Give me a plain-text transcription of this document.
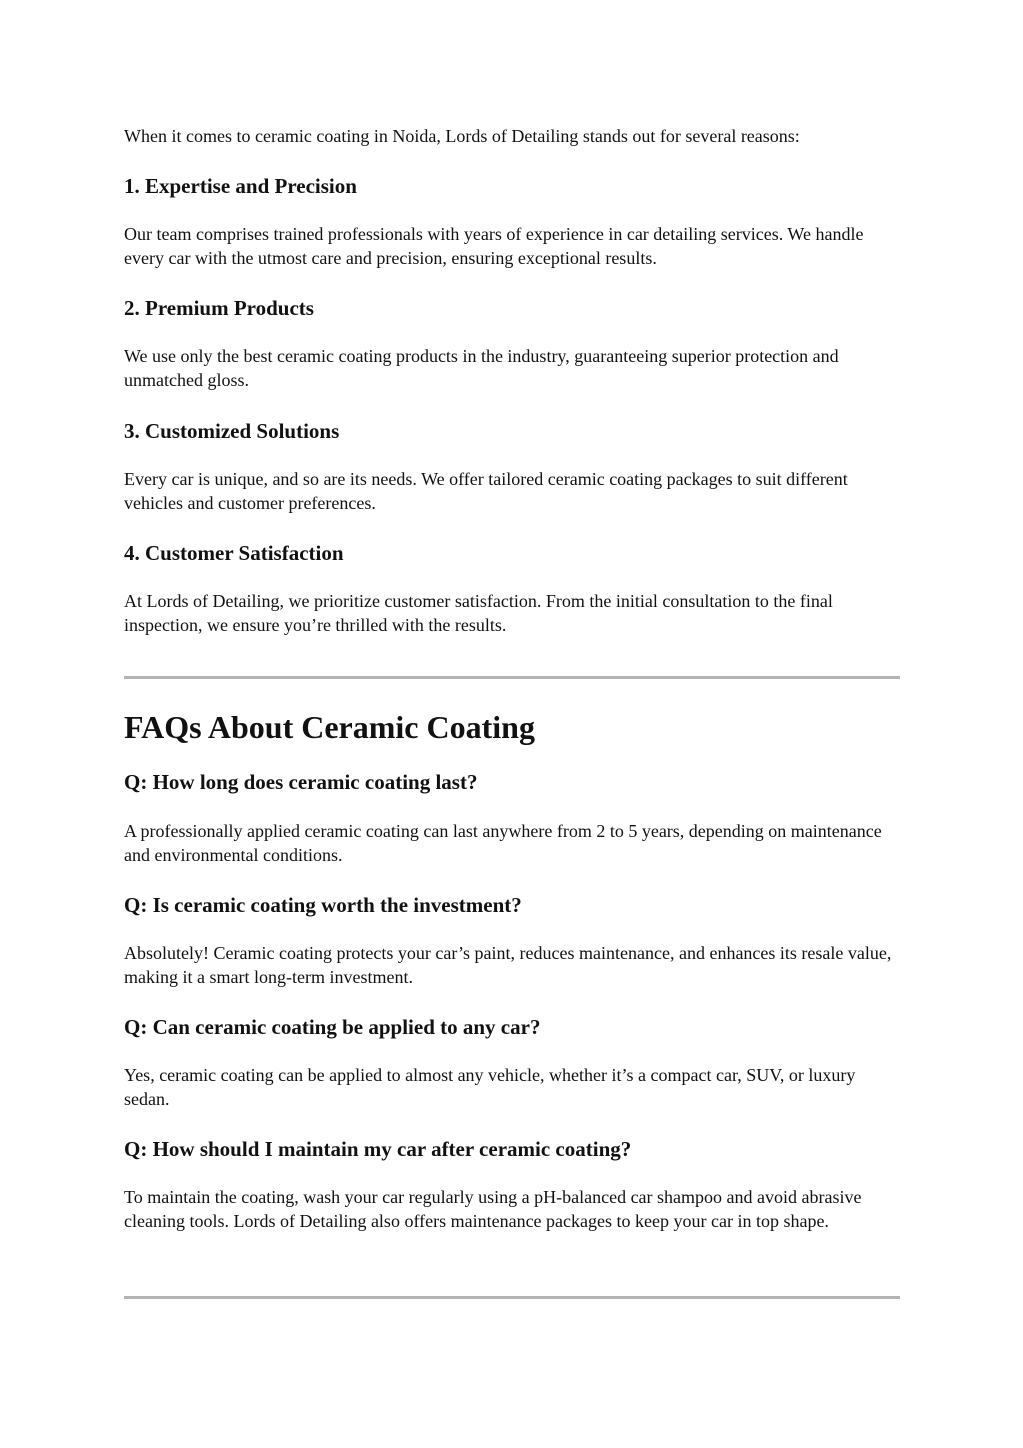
When it comes to ceramic coating in Noida, Lords of Detailing stands out for several reasons:

1. Expertise and Precision

Our team comprises trained professionals with years of experience in car detailing services. We handle every car with the utmost care and precision, ensuring exceptional results.

2. Premium Products

We use only the best ceramic coating products in the industry, guaranteeing superior protection and unmatched gloss.

3. Customized Solutions

Every car is unique, and so are its needs. We offer tailored ceramic coating packages to suit different vehicles and customer preferences.

4. Customer Satisfaction

At Lords of Detailing, we prioritize customer satisfaction. From the initial consultation to the final inspection, we ensure you’re thrilled with the results.

FAQs About Ceramic Coating
Q: How long does ceramic coating last?

A professionally applied ceramic coating can last anywhere from 2 to 5 years, depending on maintenance and environmental conditions.

Q: Is ceramic coating worth the investment?

Absolutely! Ceramic coating protects your car’s paint, reduces maintenance, and enhances its resale value, making it a smart long-term investment.

Q: Can ceramic coating be applied to any car?

Yes, ceramic coating can be applied to almost any vehicle, whether it’s a compact car, SUV, or luxury sedan.

Q: How should I maintain my car after ceramic coating?

To maintain the coating, wash your car regularly using a pH-balanced car shampoo and avoid abrasive cleaning tools. Lords of Detailing also offers maintenance packages to keep your car in top shape.
